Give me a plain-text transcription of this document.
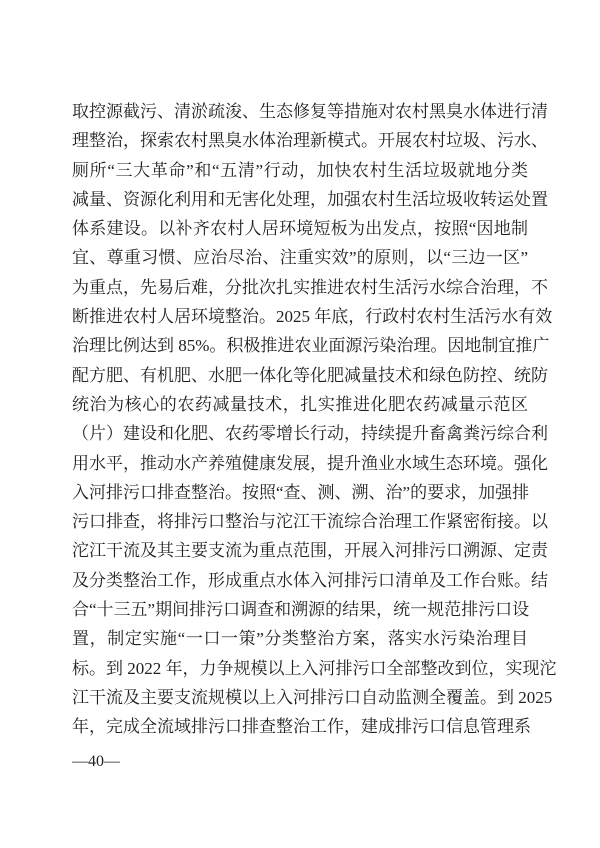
取控源截污、清淤疏浚、生态修复等措施对农村黑臭水体进行清
理整治，探索农村黑臭水体治理新模式。开展农村垃圾、污水、
厕所“三大革命”和“五清”行动，加快农村生活垃圾就地分类
减量、资源化利用和无害化处理，加强农村生活垃圾收转运处置
体系建设。以补齐农村人居环境短板为出发点，按照“因地制
宜、尊重习惯、应治尽治、注重实效”的原则，以“三边一区”
为重点，先易后难，分批次扎实推进农村生活污水综合治理，不
断推进农村人居环境整治。2025 年底，行政村农村生活污水有效
治理比例达到 85%。积极推进农业面源污染治理。因地制宜推广
配方肥、有机肥、水肥一体化等化肥减量技术和绿色防控、统防
统治为核心的农药减量技术，扎实推进化肥农药减量示范区
（片）建设和化肥、农药零增长行动，持续提升畜禽粪污综合利
用水平，推动水产养殖健康发展，提升渔业水域生态环境。强化
入河排污口排查整治。按照“查、测、溯、治”的要求，加强排
污口排查，将排污口整治与沱江干流综合治理工作紧密衔接。以
沱江干流及其主要支流为重点范围，开展入河排污口溯源、定责
及分类整治工作，形成重点水体入河排污口清单及工作台账。结
合“十三五”期间排污口调查和溯源的结果，统一规范排污口设
置，制定实施“一口一策”分类整治方案，落实水污染治理目
标。到 2022 年，力争规模以上入河排污口全部整改到位，实现沱
江干流及主要支流规模以上入河排污口自动监测全覆盖。到 2025
年，完成全流域排污口排查整治工作，建成排污口信息管理系
—40—
